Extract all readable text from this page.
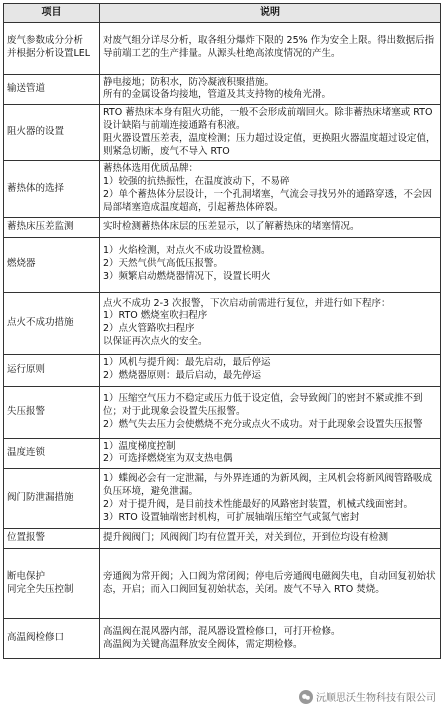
项目	说明

废气参数成分分析
并根据分析设置LEL	对废气组分详尽分析，取各组分爆炸下限的 25% 作为安全上限。得出数据后指导前端工艺的生产排量。从源头杜绝高浓度情况的产生。

输送管道	静电接地；防积水，防冷凝液积聚措施。
所有的金属设备均接地，管道及其支持物的棱角光滑。

阻火器的设置	RTO 蓄热床本身有阻火功能，一般不会形成前端回火。除非蓄热床堵塞或 RTO 设计缺陷与前端连接通路有积液。
阻火器设置压差表，温度检测；压力超过设定值，更换阻火器温度超过设定值，则紧急切断，废气不导入 RTO

蓄热体的选择	蓄热体选用优质品牌：
1）较强的抗热振性，在温度波动下，不易碎
2）单个蓄热体分层设计，一个孔洞堵塞，气流会寻找另外的通路穿透，不会因局部堵塞造成温度超高，引起蓄热体碎裂。

蓄热床压差监测	实时检测蓄热体床层的压差显示，以了解蓄热床的堵塞情况。

燃烧器	1）火焰检测，对点火不成功设置检测。
2）天然气供气高低压报警。
3）频繁启动燃烧器情况下，设置长明火

点火不成功措施	点火不成功 2-3 次报警，下次启动前需进行复位，并进行如下程序：
1）RTO 燃烧室吹扫程序
2）点火管路吹扫程序
以保证再次点火的安全。

运行原则	1）风机与提升阀：最先启动，最后停运
2）燃烧器原则：最后启动，最先停运

失压报警	1）压缩空气压力不稳定或压力低于设定值，会导致阀门的密封不紧或推不到位；对于此现象会设置失压报警。
2）燃气失去压力会使燃烧不充分或点火不成功。对于此现象会设置失压报警

温度连锁	1）温度梯度控制
2）可选择燃烧室为双支热电偶

阀门防泄漏措施	1）蝶阀必会有一定泄漏，与外界连通的为新风阀，主风机会将新风阀管路吸成负压环境，避免泄漏。
2）对于提升阀，是目前技术性能最好的风路密封装置，机械式线面密封。
3）RTO 设置轴端密封机构，可扩展轴端压缩空气或氮气密封

位置报警	提升阀阀门；风阀阀门均有位置开关，对关到位，开到位均设有检测

断电保护
同完全失压控制	旁通阀为常开阀；入口阀为常闭阀；停电后旁通阀电磁阀失电，自动回复初始状态，开启；而入口阀回复初始状态，关闭。废气不导入 RTO 焚烧。

高温阀检修口	高温阀在混风器内部，混风器设置检修口，可打开检修。
高温阀为关键高温释放安全阀体，需定期检修。
沅顺思沃生物科技有限公司
